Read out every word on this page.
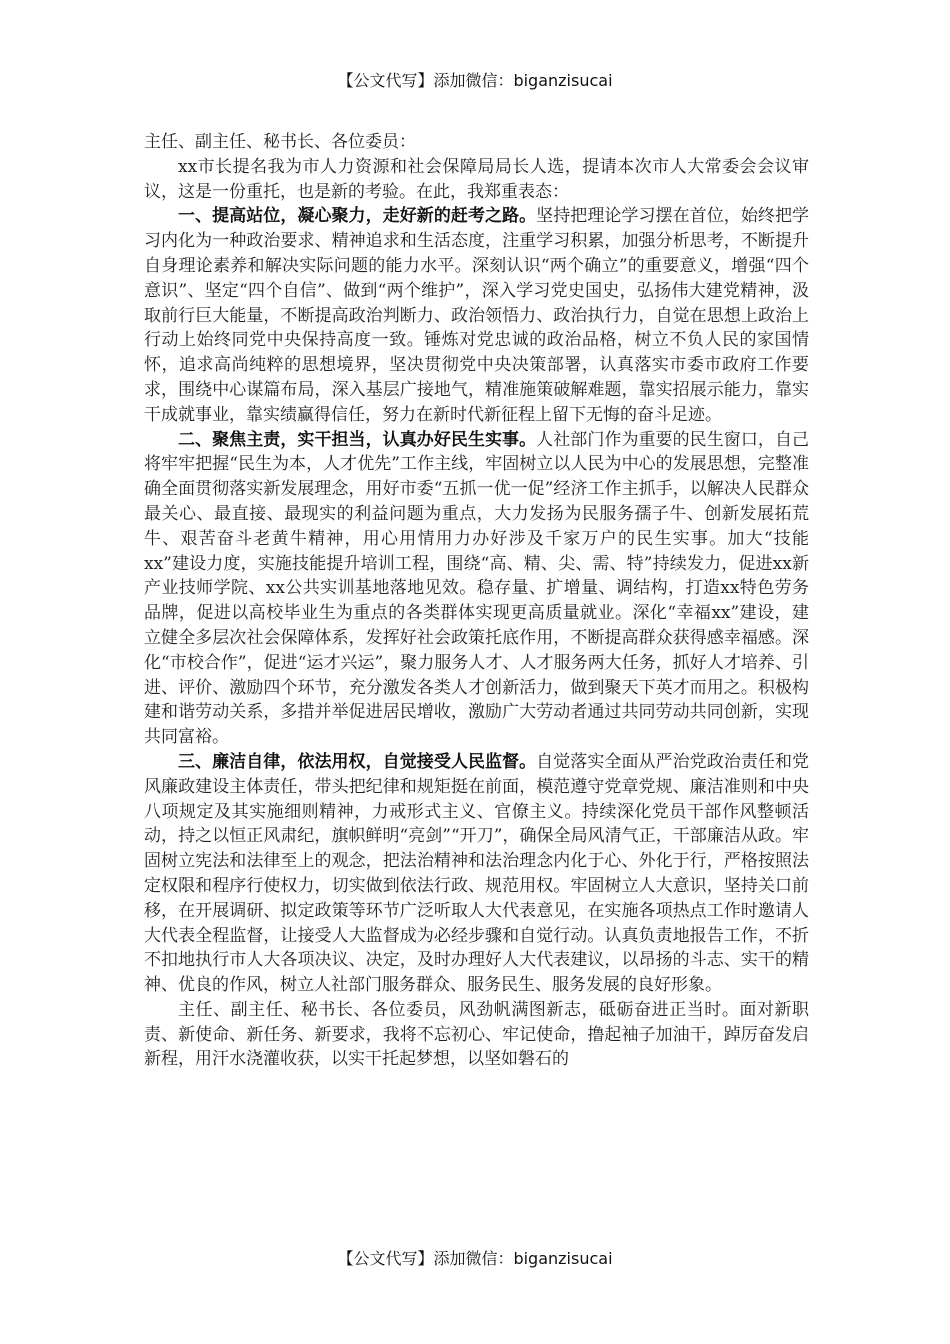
【公文代写】添加微信：biganzisucai

主任、副主任、秘书长、各位委员：

xx市长提名我为市人力资源和社会保障局局长人选，提请本次市人大常委会会议审议，这是一份重托，也是新的考验。在此，我郑重表态：

一、提高站位，凝心聚力，走好新的赶考之路。坚持把理论学习摆在首位，始终把学习内化为一种政治要求、精神追求和生活态度，注重学习积累，加强分析思考，不断提升自身理论素养和解决实际问题的能力水平。深刻认识“两个确立”的重要意义，增强“四个意识”、坚定“四个自信”、做到“两个维护”，深入学习党史国史，弘扬伟大建党精神，汲取前行巨大能量，不断提高政治判断力、政治领悟力、政治执行力，自觉在思想上政治上行动上始终同党中央保持高度一致。锤炼对党忠诚的政治品格，树立不负人民的家国情怀，追求高尚纯粹的思想境界，坚决贯彻党中央决策部署，认真落实市委市政府工作要求，围绕中心谋篇布局，深入基层广接地气，精准施策破解难题，靠实招展示能力，靠实干成就事业，靠实绩赢得信任，努力在新时代新征程上留下无悔的奋斗足迹。

二、聚焦主责，实干担当，认真办好民生实事。人社部门作为重要的民生窗口，自己将牢牢把握“民生为本，人才优先”工作主线，牢固树立以人民为中心的发展思想，完整准确全面贯彻落实新发展理念，用好市委“五抓一优一促”经济工作主抓手，以解决人民群众最关心、最直接、最现实的利益问题为重点，大力发扬为民服务孺子牛、创新发展拓荒牛、艰苦奋斗老黄牛精神，用心用情用力办好涉及千家万户的民生实事。加大“技能xx”建设力度，实施技能提升培训工程，围绕“高、精、尖、需、特”持续发力，促进xx新产业技师学院、xx公共实训基地落地见效。稳存量、扩增量、调结构，打造xx特色劳务品牌，促进以高校毕业生为重点的各类群体实现更高质量就业。深化“幸福xx”建设，建立健全多层次社会保障体系，发挥好社会政策托底作用，不断提高群众获得感幸福感。深化“市校合作”，促进“运才兴运”，聚力服务人才、人才服务两大任务，抓好人才培养、引进、评价、激励四个环节，充分激发各类人才创新活力，做到聚天下英才而用之。积极构建和谐劳动关系，多措并举促进居民增收，激励广大劳动者通过共同劳动共同创新，实现共同富裕。

三、廉洁自律，依法用权，自觉接受人民监督。自觉落实全面从严治党政治责任和党风廉政建设主体责任，带头把纪律和规矩挺在前面，模范遵守党章党规、廉洁准则和中央八项规定及其实施细则精神，力戒形式主义、官僚主义。持续深化党员干部作风整顿活动，持之以恒正风肃纪，旗帜鲜明“亮剑”“开刀”，确保全局风清气正，干部廉洁从政。牢固树立宪法和法律至上的观念，把法治精神和法治理念内化于心、外化于行，严格按照法定权限和程序行使权力，切实做到依法行政、规范用权。牢固树立人大意识，坚持关口前移，在开展调研、拟定政策等环节广泛听取人大代表意见，在实施各项热点工作时邀请人大代表全程监督，让接受人大监督成为必经步骤和自觉行动。认真负责地报告工作，不折不扣地执行市人大各项决议、决定，及时办理好人大代表建议，以昂扬的斗志、实干的精神、优良的作风，树立人社部门服务群众、服务民生、服务发展的良好形象。

主任、副主任、秘书长、各位委员，风劲帆满图新志，砥砺奋进正当时。面对新职责、新使命、新任务、新要求，我将不忘初心、牢记使命，撸起袖子加油干，踔厉奋发启新程，用汗水浇灌收获，以实干托起梦想，以坚如磐石的

【公文代写】添加微信：biganzisucai
